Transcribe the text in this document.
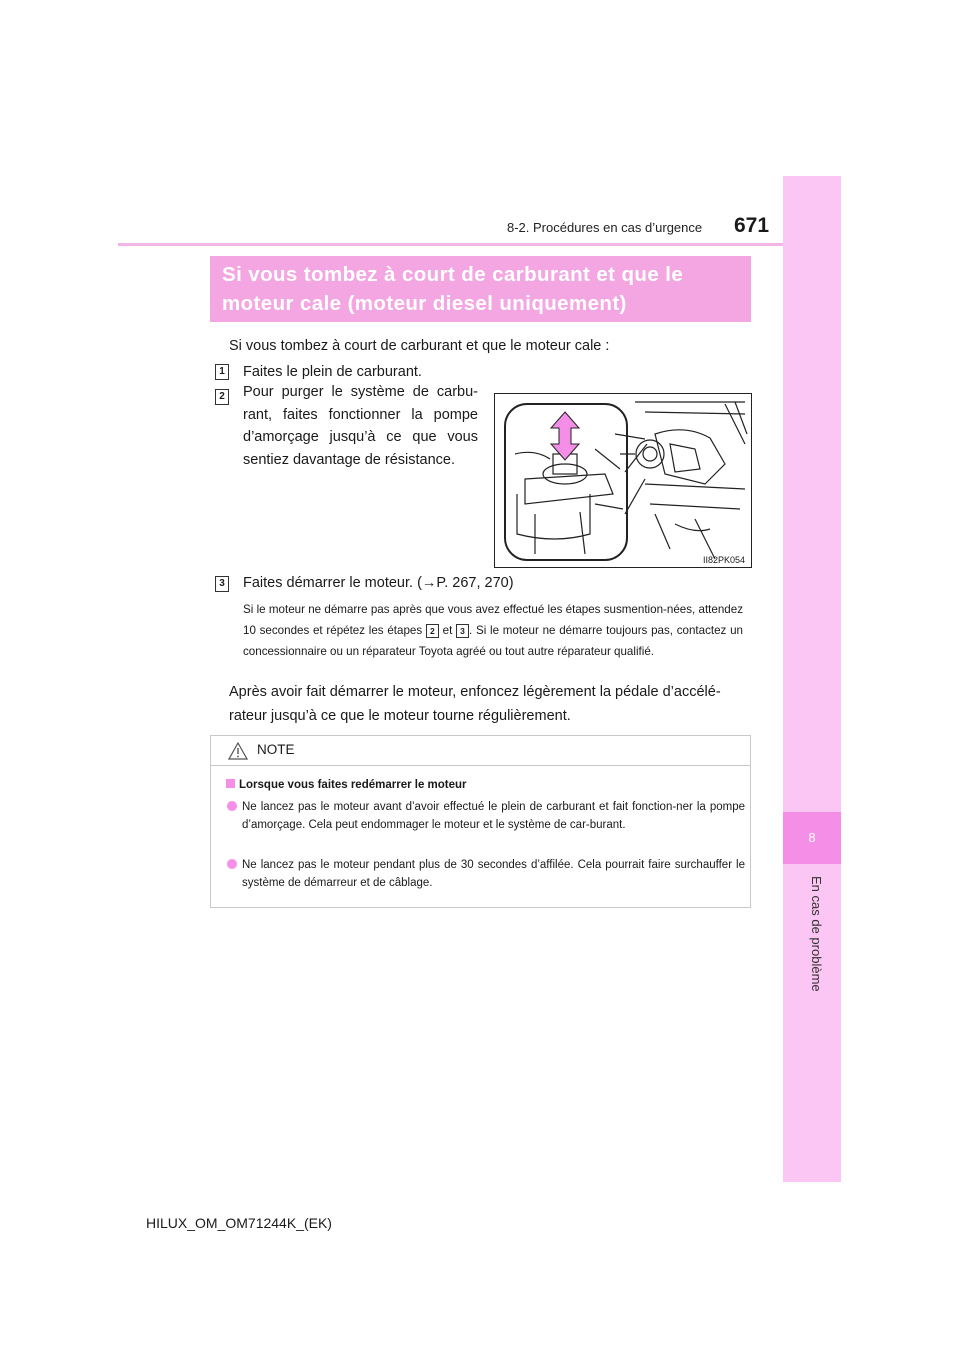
671
8-2. Procédures en cas d’urgence
8
En cas de problème
Si vous tombez à court de carburant et que le
moteur cale (moteur diesel uniquement)
Si vous tombez à court de carburant et que le moteur cale :
1 Faites le plein de carburant.
2 Pour purger le système de carbu-rant, faites fonctionner la pompe d’amorçage jusqu’à ce que vous sentiez davantage de résistance.
II82PK054
3 Faites démarrer le moteur. (→P. 267, 270)
Si le moteur ne démarre pas après que vous avez effectué les étapes susmention-nées, attendez 10 secondes et répétez les étapes 2 et 3 . Si le moteur ne démarre toujours pas, contactez un concessionnaire ou un réparateur Toyota agréé ou tout autre réparateur qualifié.
Après avoir fait démarrer le moteur, enfoncez légèrement la pédale d’accélé-rateur jusqu’à ce que le moteur tourne régulièrement.
NOTE
Lorsque vous faites redémarrer le moteur
Ne lancez pas le moteur avant d’avoir effectué le plein de carburant et fait fonction-ner la pompe d’amorçage. Cela peut endommager le moteur et le système de car-burant.
Ne lancez pas le moteur pendant plus de 30 secondes d’affilée. Cela pourrait faire surchauffer le système de démarreur et de câblage.
HILUX_OM_OM71244K_(EK)
